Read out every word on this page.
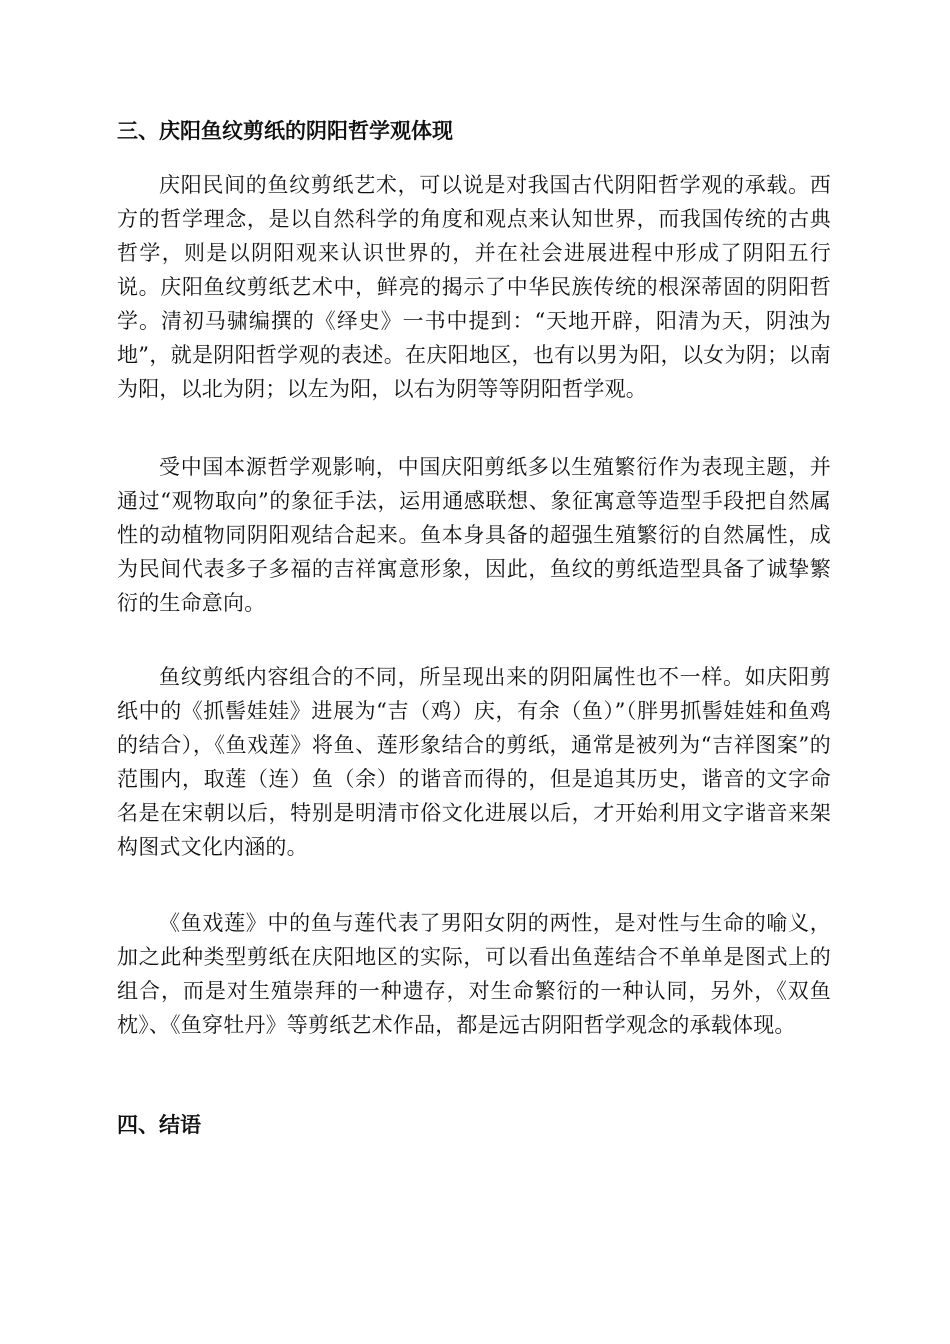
三、庆阳鱼纹剪纸的阴阳哲学观体现

庆阳民间的鱼纹剪纸艺术，可以说是对我国古代阴阳哲学观的承载。西方的哲学理念，是以自然科学的角度和观点来认知世界，而我国传统的古典哲学，则是以阴阳观来认识世界的，并在社会进展进程中形成了阴阳五行说。庆阳鱼纹剪纸艺术中，鲜亮的揭示了中华民族传统的根深蒂固的阴阳哲学。清初马骕编撰的《绎史》一书中提到：“天地开辟，阳清为天，阴浊为地”，就是阴阳哲学观的表述。在庆阳地区，也有以男为阳，以女为阴；以南为阳，以北为阴；以左为阳，以右为阴等等阴阳哲学观。

受中国本源哲学观影响，中国庆阳剪纸多以生殖繁衍作为表现主题，并通过“观物取向”的象征手法，运用通感联想、象征寓意等造型手段把自然属性的动植物同阴阳观结合起来。鱼本身具备的超强生殖繁衍的自然属性，成为民间代表多子多福的吉祥寓意形象，因此，鱼纹的剪纸造型具备了诚挚繁衍的生命意向。

鱼纹剪纸内容组合的不同，所呈现出来的阴阳属性也不一样。如庆阳剪纸中的《抓髻娃娃》进展为“吉（鸡）庆，有余（鱼）”（胖男抓髻娃娃和鱼鸡的结合），《鱼戏莲》将鱼、莲形象结合的剪纸，通常是被列为“吉祥图案”的范围内，取莲（连）鱼（余）的谐音而得的，但是追其历史，谐音的文字命名是在宋朝以后，特别是明清市俗文化进展以后，才开始利用文字谐音来架构图式文化内涵的。

《鱼戏莲》中的鱼与莲代表了男阳女阴的两性，是对性与生命的喻义，加之此种类型剪纸在庆阳地区的实际，可以看出鱼莲结合不单单是图式上的组合，而是对生殖崇拜的一种遗存，对生命繁衍的一种认同，另外，《双鱼枕》、《鱼穿牡丹》等剪纸艺术作品，都是远古阴阳哲学观念的承载体现。

四、结语
